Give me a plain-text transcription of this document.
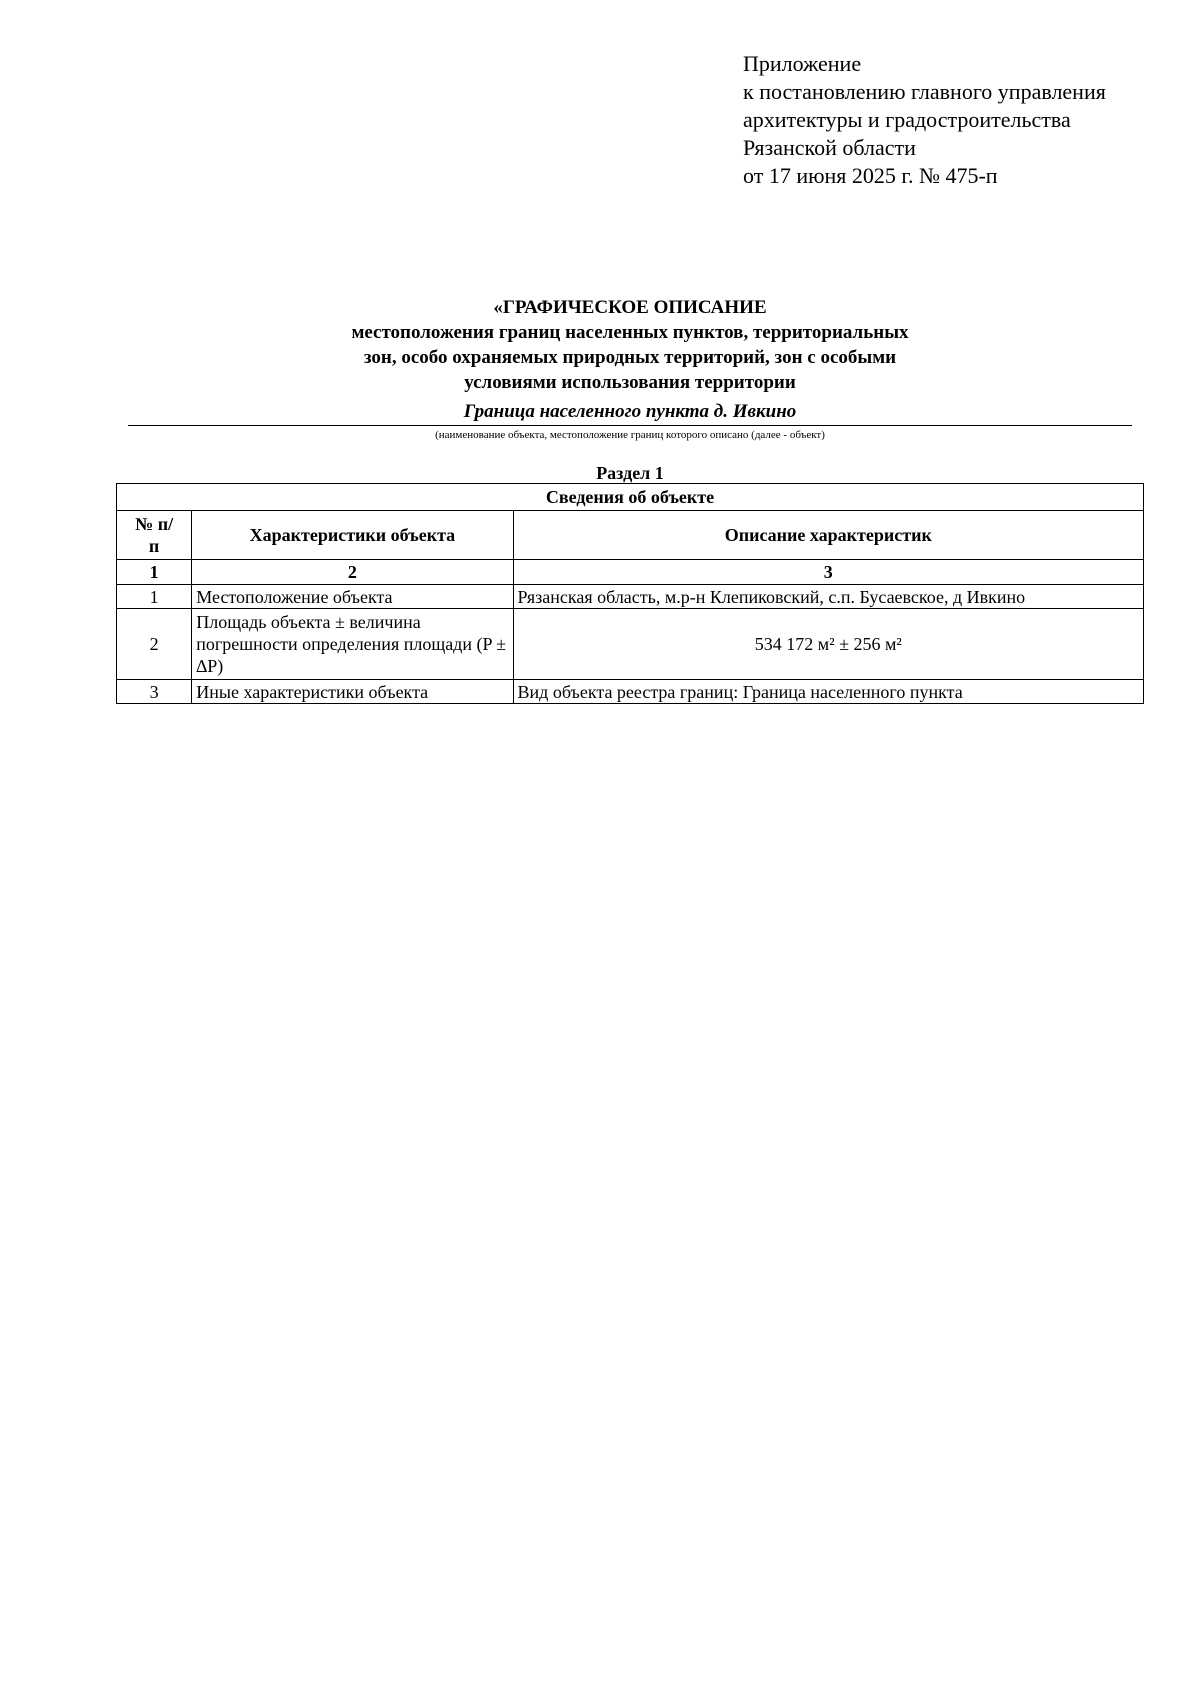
Приложение
к постановлению главного управления
архитектуры и градостроительства
Рязанской области
от 17 июня 2025 г. № 475-п
«ГРАФИЧЕСКОЕ ОПИСАНИЕ
местоположения границ населенных пунктов, территориальных
зон, особо охраняемых природных территорий, зон с особыми
условиями использования территории
Граница населенного пункта д. Ивкино
(наименование объекта, местоположение границ которого описано (далее - объект)
Раздел 1
Сведения об объекте		
№ п/п	Характеристики объекта	Описание характеристик
1	2	3
1	Местоположение объекта	Рязанская область, м.р-н Клепиковский, с.п. Бусаевское, д Ивкино
2	Площадь объекта ± величина погрешности определения площади (P ± ∆P)	534 172 м² ± 256 м²
3	Иные характеристики объекта	Вид объекта реестра границ: Граница населенного пункта
